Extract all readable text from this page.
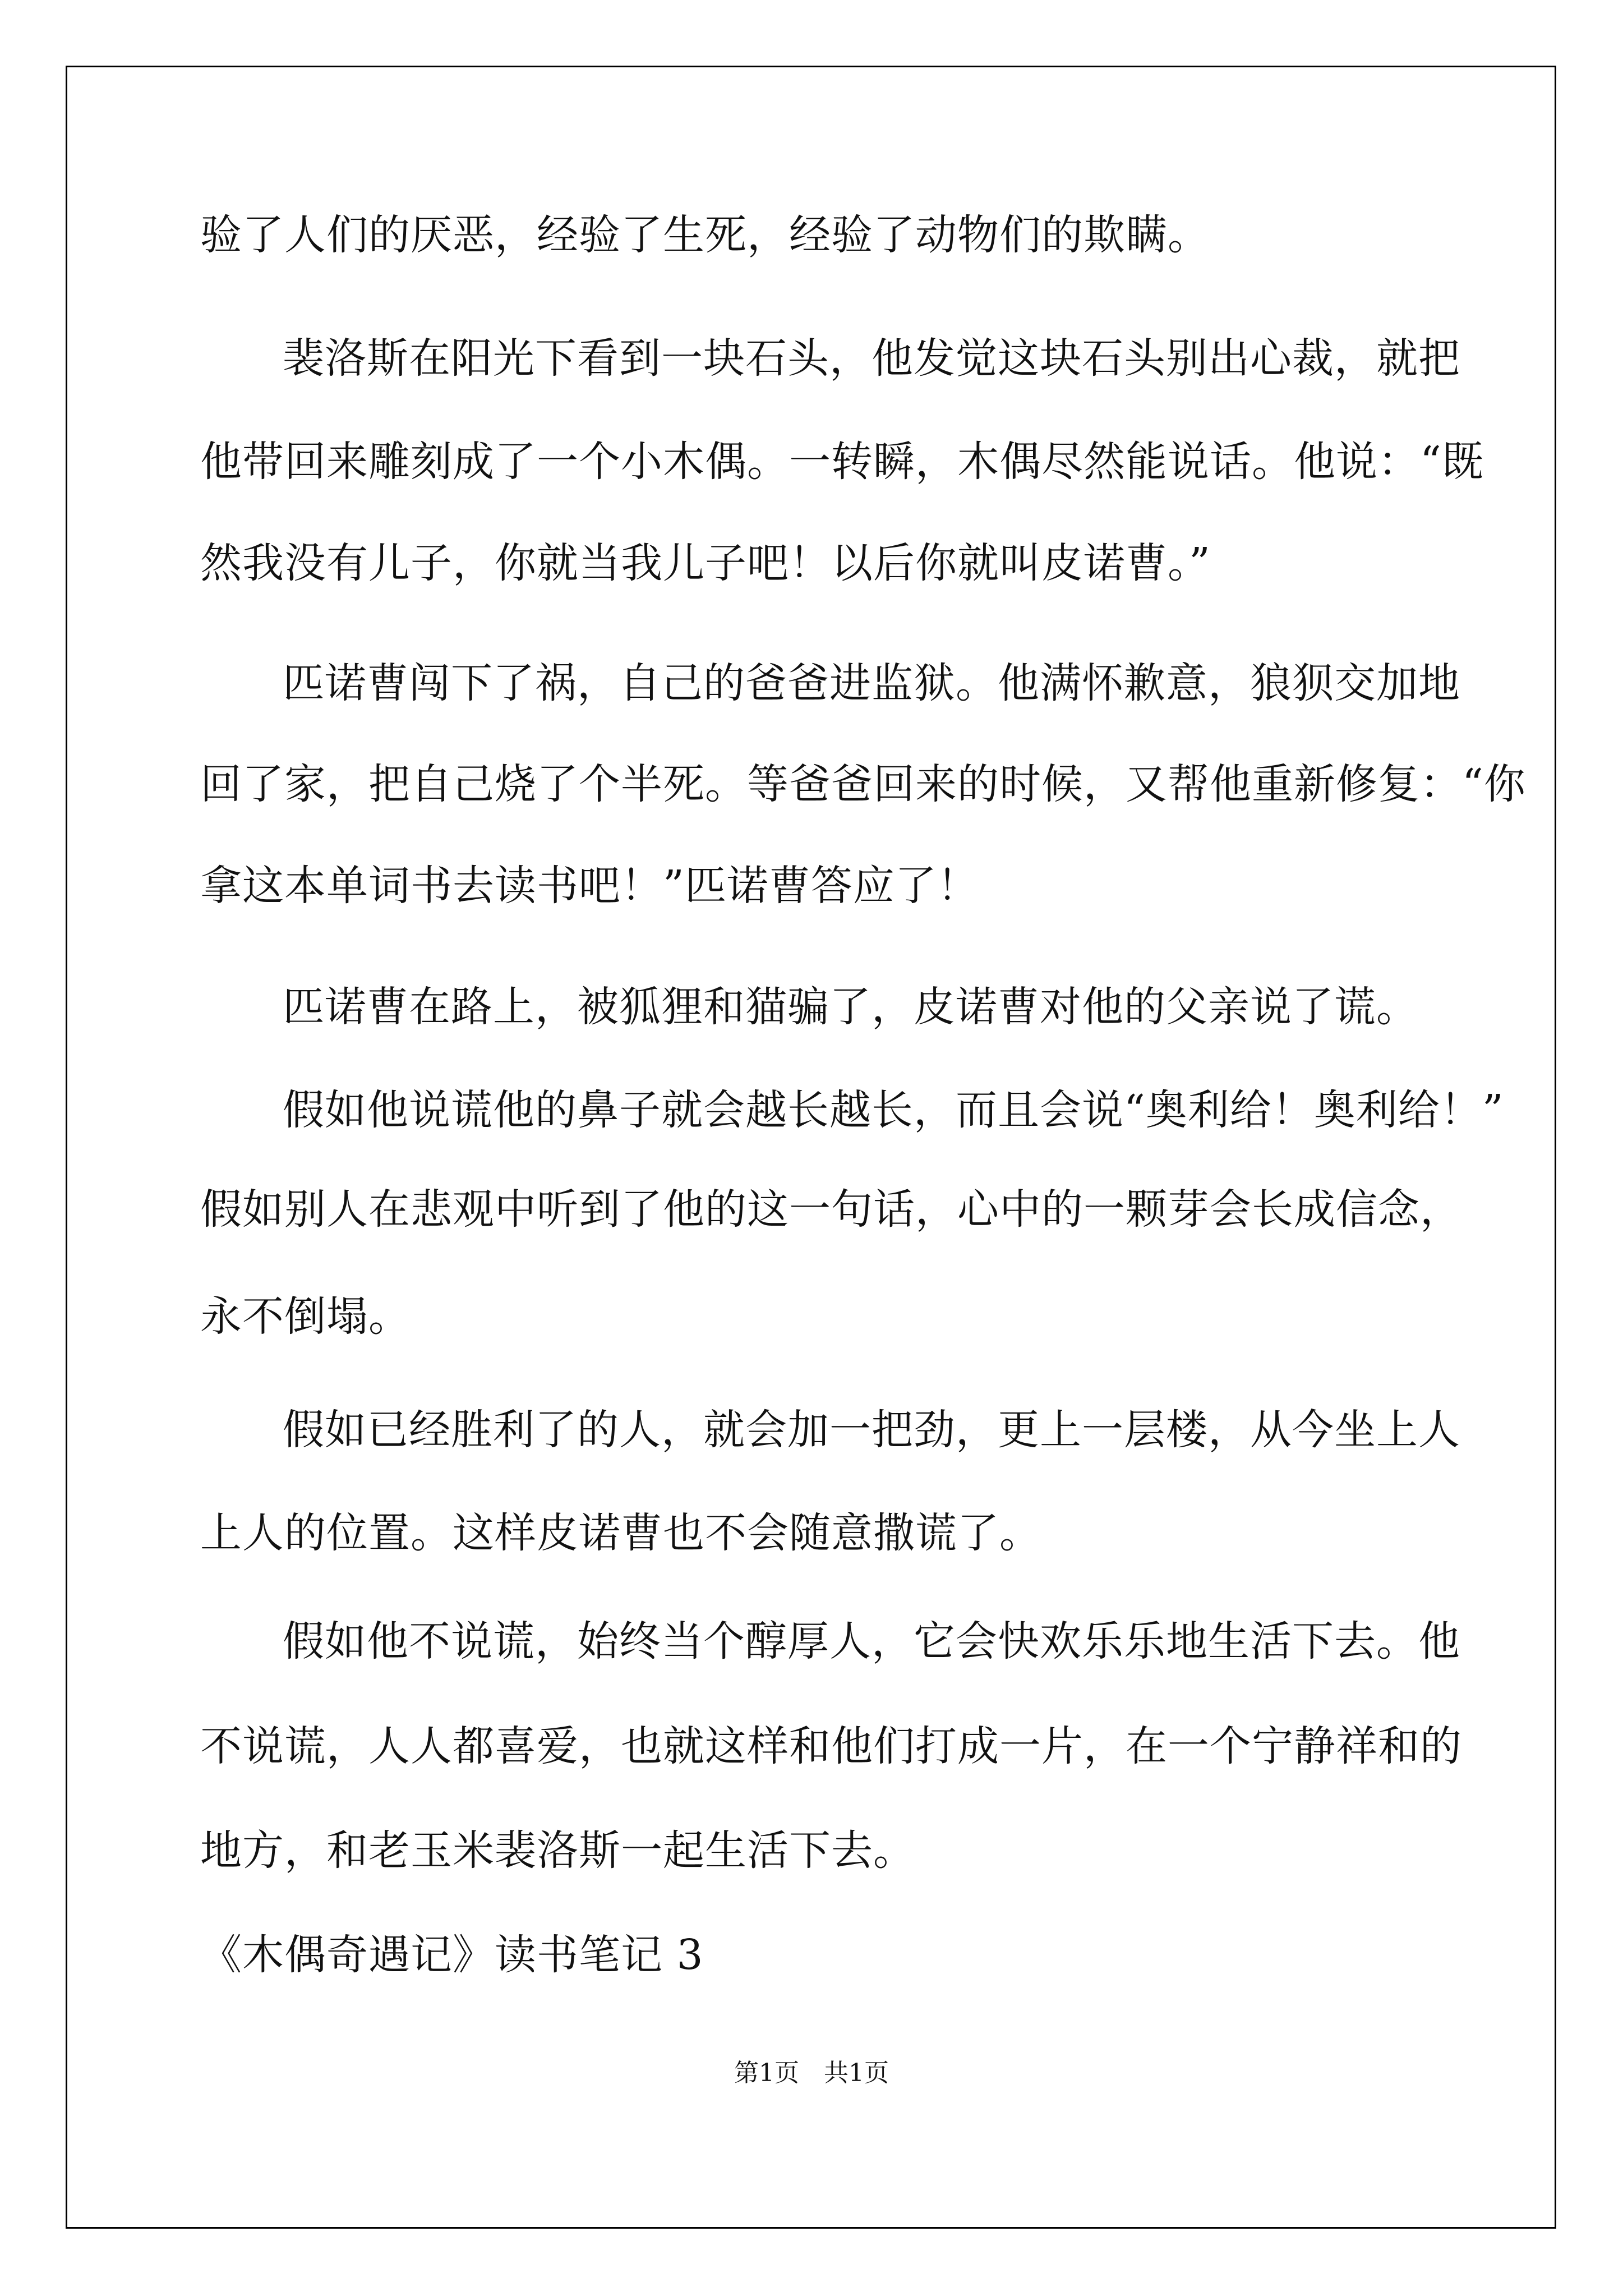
验了人们的厌恶，经验了生死，经验了动物们的欺瞒。

裴洛斯在阳光下看到一块石头，他发觉这块石头别出心裁，就把

他带回来雕刻成了一个小木偶。一转瞬，木偶尽然能说话。他说：“既

然我没有儿子，你就当我儿子吧！以后你就叫皮诺曹。”

匹诺曹闯下了祸，自己的爸爸进监狱。他满怀歉意，狼狈交加地

回了家，把自己烧了个半死。等爸爸回来的时候，又帮他重新修复：“你

拿这本单词书去读书吧！”匹诺曹答应了！

匹诺曹在路上，被狐狸和猫骗了，皮诺曹对他的父亲说了谎。

假如他说谎他的鼻子就会越长越长，而且会说“奥利给！奥利给！”

假如别人在悲观中听到了他的这一句话，心中的一颗芽会长成信念，

永不倒塌。

假如已经胜利了的人，就会加一把劲，更上一层楼，从今坐上人

上人的位置。这样皮诺曹也不会随意撒谎了。

假如他不说谎，始终当个醇厚人，它会快欢乐乐地生活下去。他

不说谎，人人都喜爱，也就这样和他们打成一片，在一个宁静祥和的

地方，和老玉米裴洛斯一起生活下去。

《木偶奇遇记》读书笔记 3

第1页 共1页
